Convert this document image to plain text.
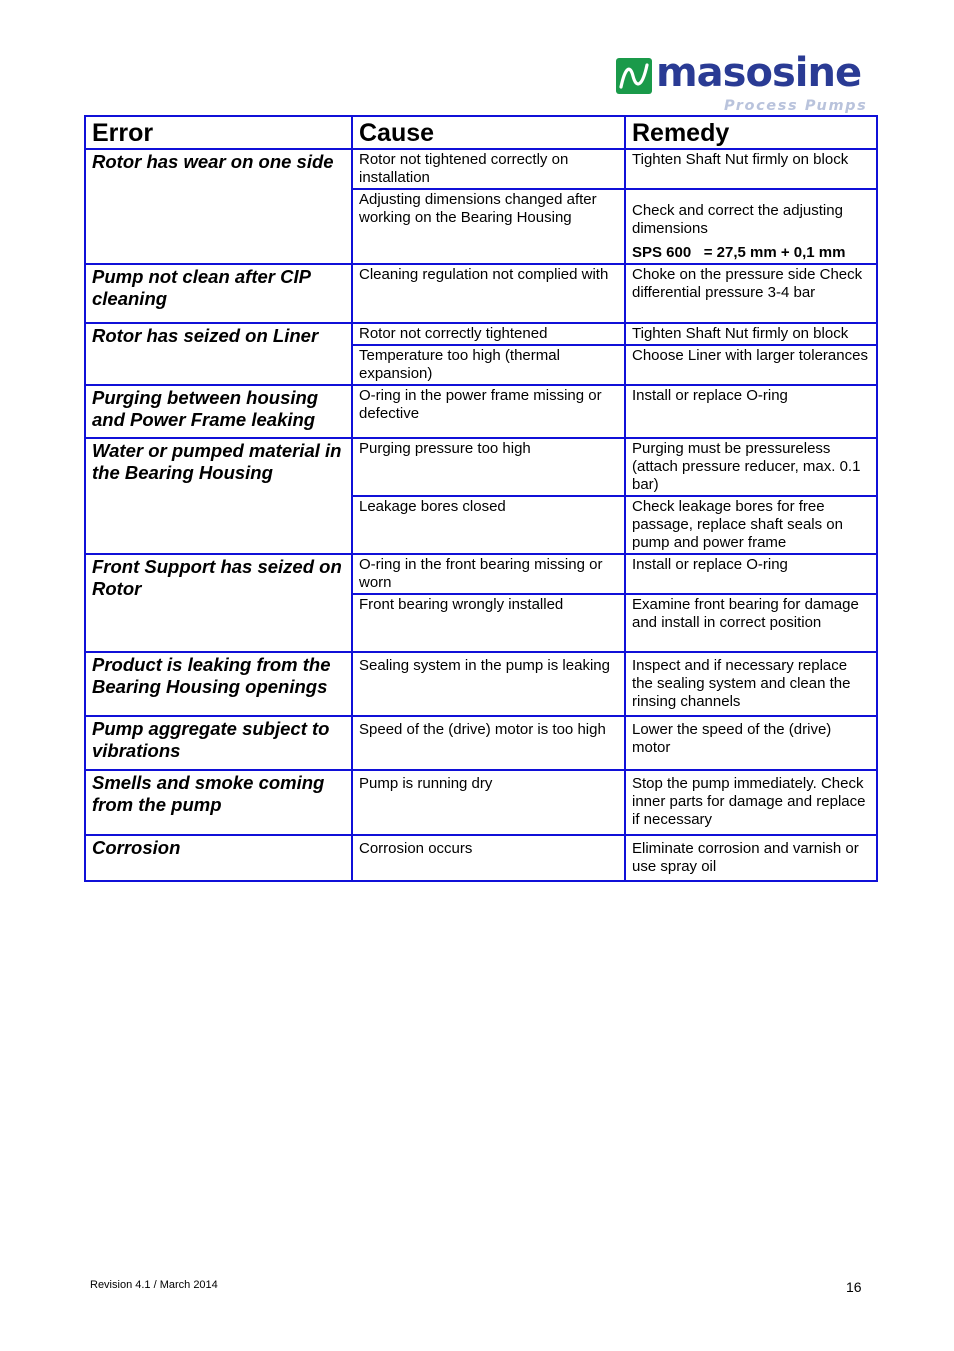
masosine
Process Pumps
Error	Cause	Remedy
Rotor has wear on one side	Rotor not tightened correctly on installation	Tighten Shaft Nut firmly on block
	Adjusting dimensions changed after working on the Bearing Housing	Check and correct the adjusting dimensions
SPS 600   = 27,5 mm + 0,1 mm

Pump not clean after CIP cleaning	Cleaning regulation not complied with	Choke on the pressure side Check differential pressure 3-4 bar
Rotor has seized on Liner	Rotor not correctly tightened	Tighten Shaft Nut firmly on block
	Temperature too high (thermal expansion)	Choose Liner with larger tolerances
Purging between housing and Power Frame leaking	O-ring in the power frame missing or defective	Install or replace O-ring
Water or pumped material in the Bearing Housing	Purging pressure too high	Purging must be pressureless (attach pressure reducer, max. 0.1 bar)
	Leakage bores closed	Check leakage bores for free passage, replace shaft seals on pump and power frame
Front Support has seized on Rotor	O-ring in the front bearing missing or worn	Install or replace O-ring
	Front bearing wrongly installed	Examine front bearing for damage and install in correct position
Product is leaking from the Bearing Housing openings	Sealing system in the pump is leaking	Inspect and if necessary replace the sealing system and clean the rinsing channels
Pump aggregate subject to vibrations	Speed of the (drive) motor is too high	Lower the speed of the (drive) motor
Smells and smoke coming from the pump	Pump is running dry	Stop the pump immediately. Check inner parts for damage and replace if necessary
Corrosion	Corrosion occurs	Eliminate corrosion and varnish or use spray oil
Revision 4.1 / March 2014	16
